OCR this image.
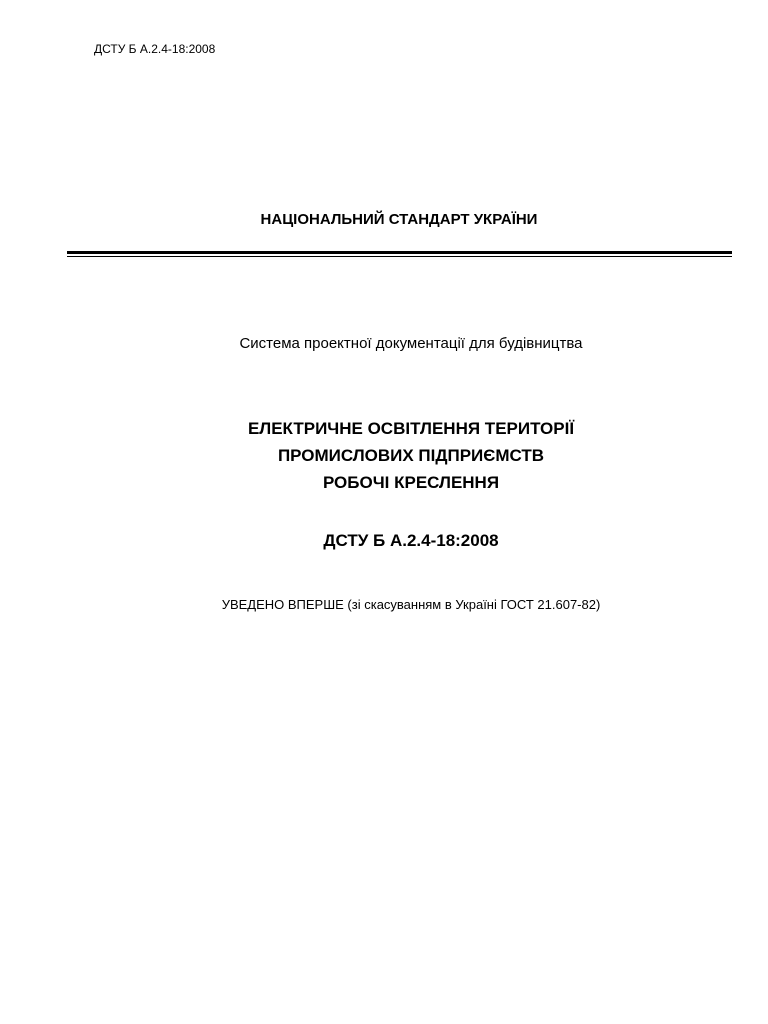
ДСТУ Б А.2.4-18:2008
НАЦІОНАЛЬНИЙ СТАНДАРТ УКРАЇНИ
Система проектної документації для будівництва
ЕЛЕКТРИЧНЕ ОСВІТЛЕННЯ ТЕРИТОРІЇ
ПРОМИСЛОВИХ ПІДПРИЄМСТВ
РОБОЧІ КРЕСЛЕННЯ
ДСТУ Б А.2.4-18:2008
УВЕДЕНО ВПЕРШЕ (зі скасуванням в Україні ГОСТ 21.607-82)
